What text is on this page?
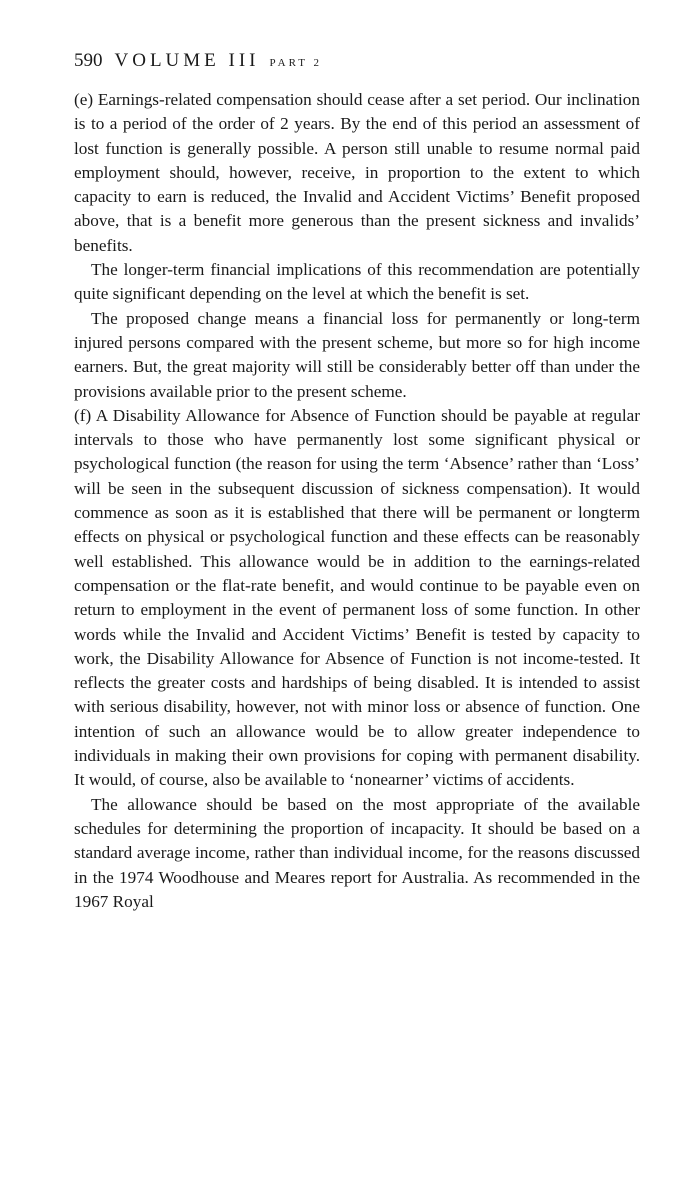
590 VOLUME III PART 2

(e) Earnings-related compensation should cease after a set period. Our inclination is to a period of the order of 2 years. By the end of this period an assessment of lost function is generally possible. A person still unable to resume normal paid employment should, however, receive, in proportion to the extent to which capacity to earn is reduced, the Invalid and Accident Victims’ Benefit proposed above, that is a benefit more generous than the present sickness and invalids’ benefits.

The longer-term financial implications of this recommendation are potentially quite significant depending on the level at which the benefit is set.

The proposed change means a financial loss for permanently or long-term injured persons compared with the present scheme, but more so for high income earners. But, the great majority will still be considerably better off than under the provisions available prior to the present scheme.

(f) A Disability Allowance for Absence of Function should be payable at regular intervals to those who have permanently lost some significant physical or psychological function (the reason for using the term ‘Absence’ rather than ‘Loss’ will be seen in the subsequent discussion of sickness compensation). It would commence as soon as it is established that there will be permanent or longterm effects on physical or psychological function and these effects can be reasonably well established. This allowance would be in addition to the earnings-related compensation or the flat-rate benefit, and would continue to be payable even on return to employment in the event of permanent loss of some function. In other words while the Invalid and Accident Victims’ Benefit is tested by capacity to work, the Disability Allowance for Absence of Function is not income-tested. It reflects the greater costs and hardships of being disabled. It is intended to assist with serious disability, however, not with minor loss or absence of function. One intention of such an allowance would be to allow greater independence to individuals in making their own provisions for coping with permanent disability. It would, of course, also be available to ‘nonearner’ victims of accidents.

The allowance should be based on the most appropriate of the available schedules for determining the proportion of incapacity. It should be based on a standard average income, rather than individual income, for the reasons discussed in the 1974 Woodhouse and Meares report for Australia. As recommended in the 1967 Royal
